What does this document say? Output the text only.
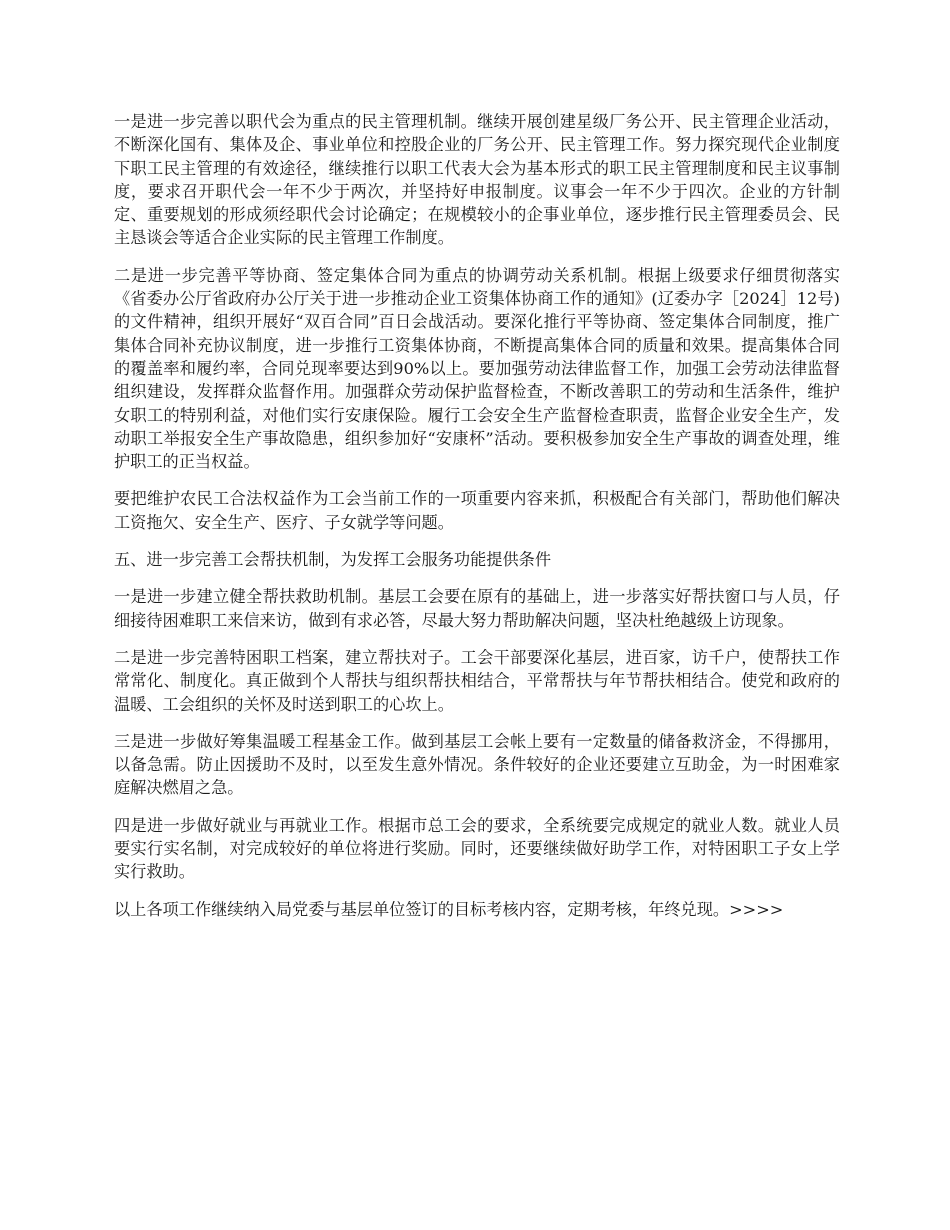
一是进一步完善以职代会为重点的民主管理机制。继续开展创建星级厂务公开、民主管理企业活动，不断深化国有、集体及企、事业单位和控股企业的厂务公开、民主管理工作。努力探究现代企业制度下职工民主管理的有效途径，继续推行以职工代表大会为基本形式的职工民主管理制度和民主议事制度，要求召开职代会一年不少于两次，并坚持好申报制度。议事会一年不少于四次。企业的方针制定、重要规划的形成须经职代会讨论确定；在规模较小的企事业单位，逐步推行民主管理委员会、民主恳谈会等适合企业实际的民主管理工作制度。

二是进一步完善平等协商、签定集体合同为重点的协调劳动关系机制。根据上级要求仔细贯彻落实《省委办公厅省政府办公厅关于进一步推动企业工资集体协商工作的通知》(辽委办字［2024］12号)的文件精神，组织开展好“双百合同”百日会战活动。要深化推行平等协商、签定集体合同制度，推广集体合同补充协议制度，进一步推行工资集体协商，不断提高集体合同的质量和效果。提高集体合同的覆盖率和履约率，合同兑现率要达到90%以上。要加强劳动法律监督工作，加强工会劳动法律监督组织建设，发挥群众监督作用。加强群众劳动保护监督检查，不断改善职工的劳动和生活条件，维护女职工的特别利益，对他们实行安康保险。履行工会安全生产监督检查职责，监督企业安全生产，发动职工举报安全生产事故隐患，组织参加好“安康杯”活动。要积极参加安全生产事故的调查处理，维护职工的正当权益。

要把维护农民工合法权益作为工会当前工作的一项重要内容来抓，积极配合有关部门，帮助他们解决工资拖欠、安全生产、医疗、子女就学等问题。

五、进一步完善工会帮扶机制，为发挥工会服务功能提供条件

一是进一步建立健全帮扶救助机制。基层工会要在原有的基础上，进一步落实好帮扶窗口与人员，仔细接待困难职工来信来访，做到有求必答，尽最大努力帮助解决问题，坚决杜绝越级上访现象。

二是进一步完善特困职工档案，建立帮扶对子。工会干部要深化基层，进百家，访千户，使帮扶工作常常化、制度化。真正做到个人帮扶与组织帮扶相结合，平常帮扶与年节帮扶相结合。使党和政府的温暖、工会组织的关怀及时送到职工的心坎上。

三是进一步做好筹集温暖工程基金工作。做到基层工会帐上要有一定数量的储备救济金，不得挪用，以备急需。防止因援助不及时，以至发生意外情况。条件较好的企业还要建立互助金，为一时困难家庭解决燃眉之急。

四是进一步做好就业与再就业工作。根据市总工会的要求，全系统要完成规定的就业人数。就业人员要实行实名制，对完成较好的单位将进行奖励。同时，还要继续做好助学工作，对特困职工子女上学实行救助。

以上各项工作继续纳入局党委与基层单位签订的目标考核内容，定期考核，年终兑现。>>>>
